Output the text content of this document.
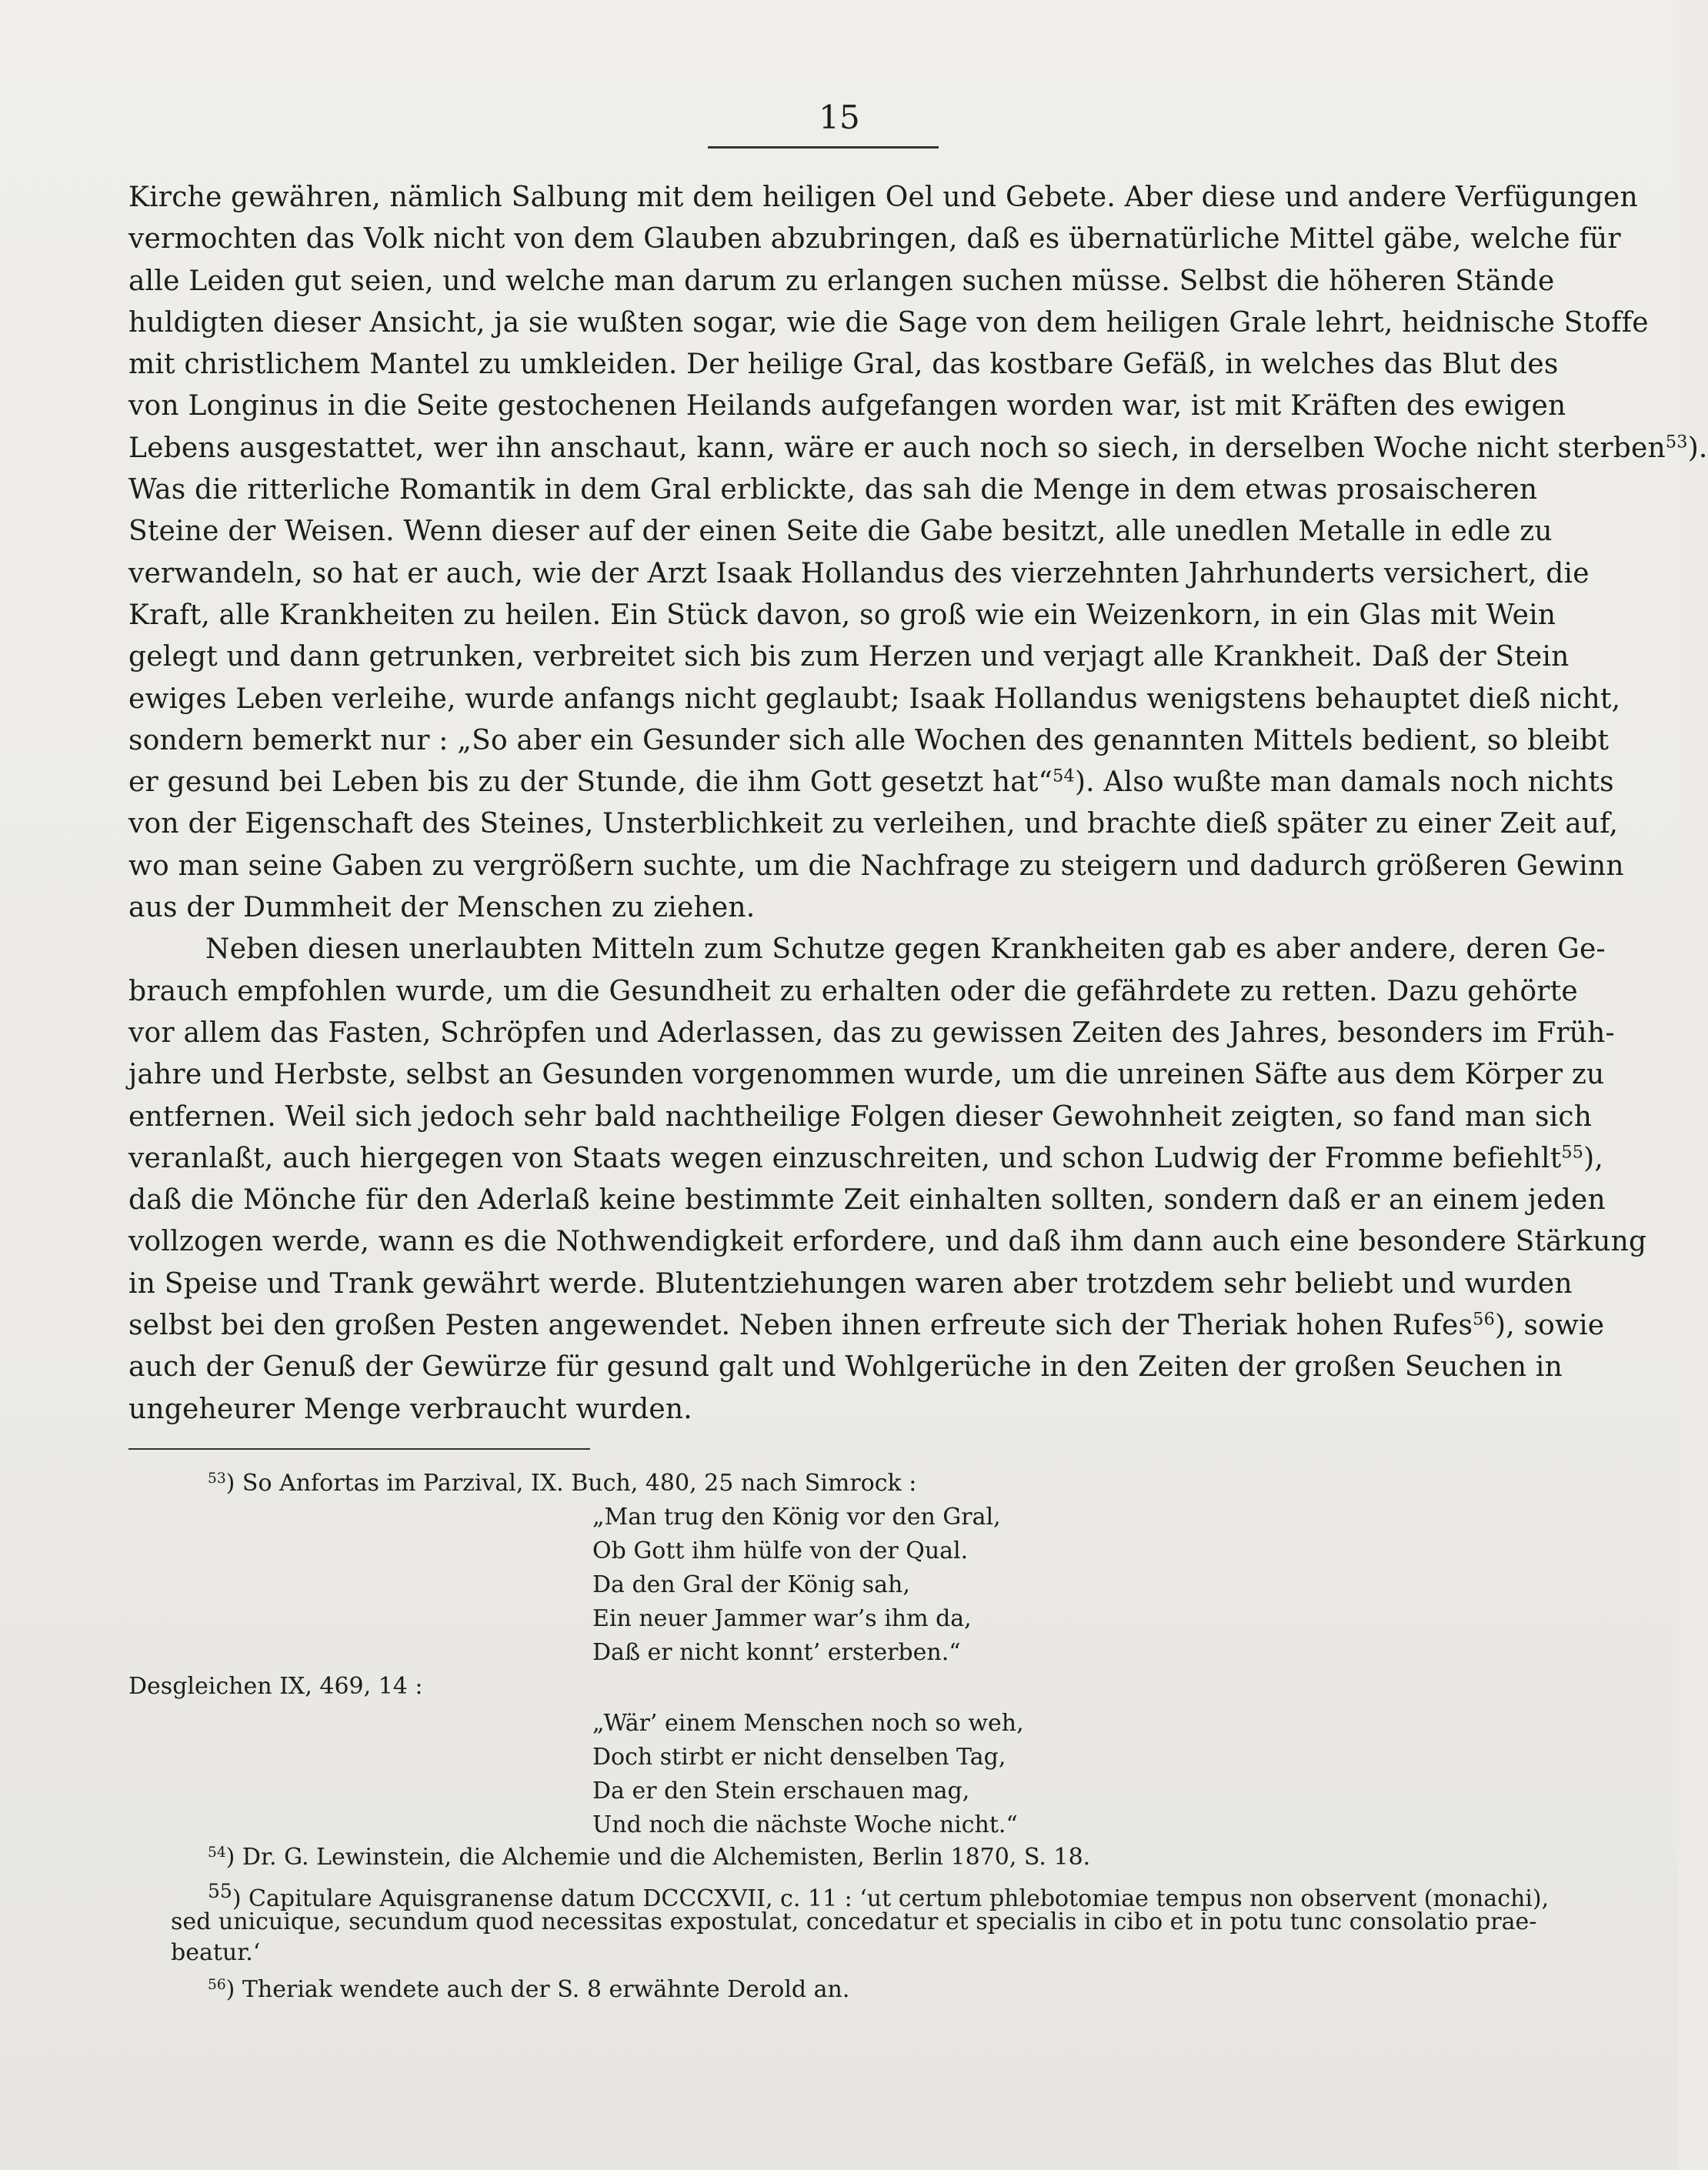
15
Kirche gewähren, nämlich Salbung mit dem heiligen Oel und Gebete. Aber diese und andere Verfügungen
vermochten das Volk nicht von dem Glauben abzubringen, daß es übernatürliche Mittel gäbe, welche für
alle Leiden gut seien, und welche man darum zu erlangen suchen müsse. Selbst die höheren Stände
huldigten dieser Ansicht, ja sie wußten sogar, wie die Sage von dem heiligen Grale lehrt, heidnische Stoffe
mit christlichem Mantel zu umkleiden. Der heilige Gral, das kostbare Gefäß, in welches das Blut des
von Longinus in die Seite gestochenen Heilands aufgefangen worden war, ist mit Kräften des ewigen
Lebens ausgestattet, wer ihn anschaut, kann, wäre er auch noch so siech, in derselben Woche nicht sterben$^{53}$).
Was die ritterliche Romantik in dem Gral erblickte, das sah die Menge in dem etwas prosaischeren
Steine der Weisen. Wenn dieser auf der einen Seite die Gabe besitzt, alle unedlen Metalle in edle zu
verwandeln, so hat er auch, wie der Arzt Isaak Hollandus des vierzehnten Jahrhunderts versichert, die
Kraft, alle Krankheiten zu heilen. Ein Stück davon, so groß wie ein Weizenkorn, in ein Glas mit Wein
gelegt und dann getrunken, verbreitet sich bis zum Herzen und verjagt alle Krankheit. Daß der Stein
ewiges Leben verleihe, wurde anfangs nicht geglaubt; Isaak Hollandus wenigstens behauptet dieß nicht,
sondern bemerkt nur : „So aber ein Gesunder sich alle Wochen des genannten Mittels bedient, so bleibt
er gesund bei Leben bis zu der Stunde, die ihm Gott gesetzt hat“$^{54}$). Also wußte man damals noch nichts
von der Eigenschaft des Steines, Unsterblichkeit zu verleihen, und brachte dieß später zu einer Zeit auf,
wo man seine Gaben zu vergrößern suchte, um die Nachfrage zu steigern und dadurch größeren Gewinn
aus der Dummheit der Menschen zu ziehen.
Neben diesen unerlaubten Mitteln zum Schutze gegen Krankheiten gab es aber andere, deren Ge-
brauch empfohlen wurde, um die Gesundheit zu erhalten oder die gefährdete zu retten. Dazu gehörte
vor allem das Fasten, Schröpfen und Aderlassen, das zu gewissen Zeiten des Jahres, besonders im Früh-
jahre und Herbste, selbst an Gesunden vorgenommen wurde, um die unreinen Säfte aus dem Körper zu
entfernen. Weil sich jedoch sehr bald nachtheilige Folgen dieser Gewohnheit zeigten, so fand man sich
veranlaßt, auch hiergegen von Staats wegen einzuschreiten, und schon Ludwig der Fromme befiehlt$^{55}$),
daß die Mönche für den Aderlaß keine bestimmte Zeit einhalten sollten, sondern daß er an einem jeden
vollzogen werde, wann es die Nothwendigkeit erfordere, und daß ihm dann auch eine besondere Stärkung
in Speise und Trank gewährt werde. Blutentziehungen waren aber trotzdem sehr beliebt und wurden
selbst bei den großen Pesten angewendet. Neben ihnen erfreute sich der Theriak hohen Rufes$^{56}$), sowie
auch der Genuß der Gewürze für gesund galt und Wohlgerüche in den Zeiten der großen Seuchen in
ungeheurer Menge verbraucht wurden.
$^{53}$) So Anfortas im Parzival, IX. Buch, 480, 25 nach Simrock :
„Man trug den König vor den Gral,
Ob Gott ihm hülfe von der Qual.
Da den Gral der König sah,
Ein neuer Jammer war’s ihm da,
Daß er nicht konnt’ ersterben.“
Desgleichen IX, 469, 14 :
„Wär’ einem Menschen noch so weh,
Doch stirbt er nicht denselben Tag,
Da er den Stein erschauen mag,
Und noch die nächste Woche nicht.“
$^{54}$) Dr. G. Lewinstein, die Alchemie und die Alchemisten, Berlin 1870, S. 18.
$^{55}$) Capitulare Aquisgranense datum DCCCXVII, c. 11 : ‘ut certum phlebotomiae tempus non observent (monachi),
sed unicuique, secundum quod necessitas expostulat, concedatur et specialis in cibo et in potu tunc consolatio prae-
beatur.‘
$^{56}$) Theriak wendete auch der S. 8 erwähnte Derold an.
